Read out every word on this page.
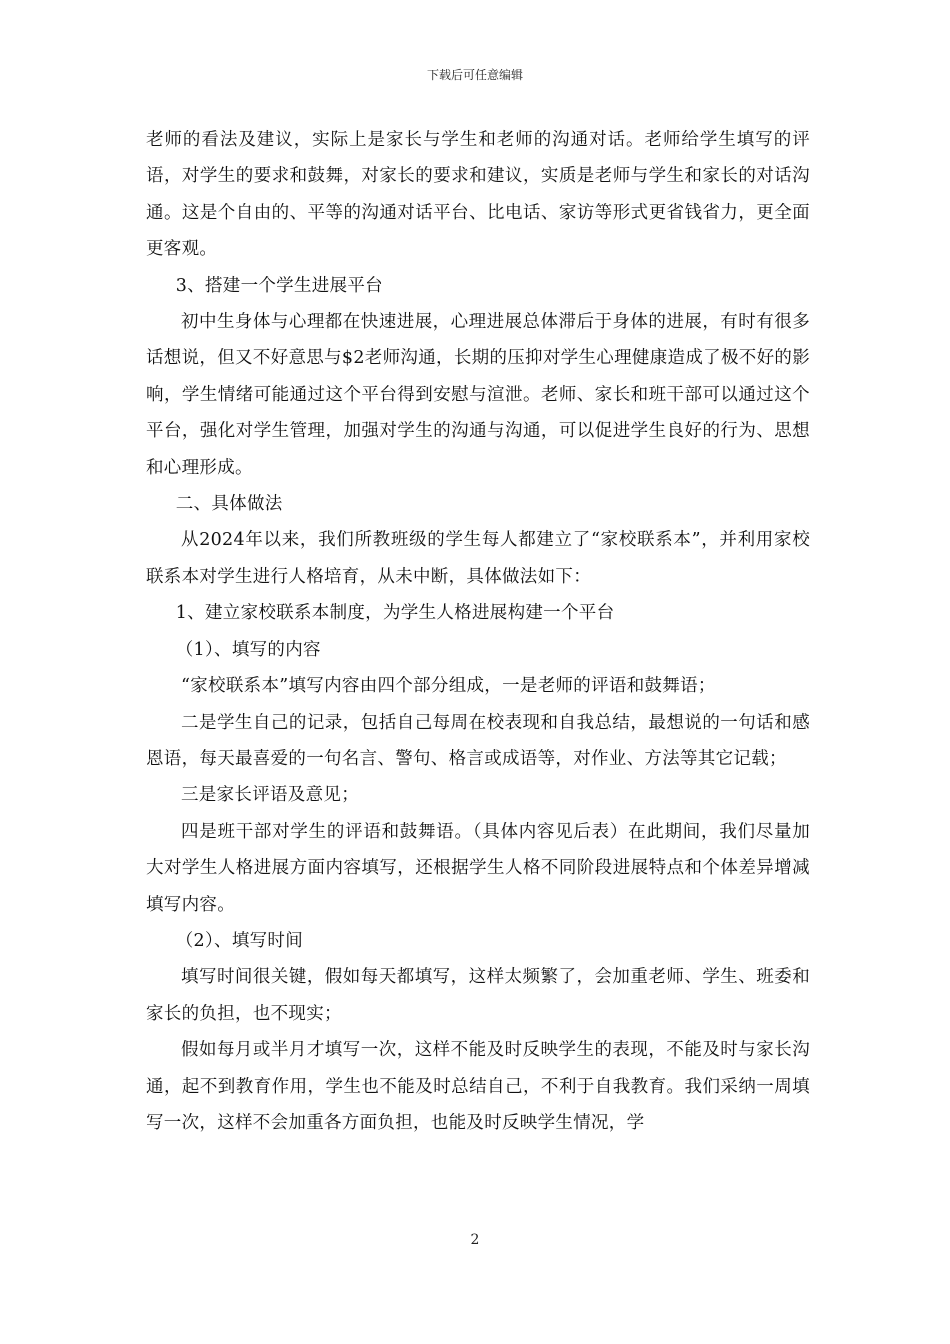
下载后可任意编辑

老师的看法及建议，实际上是家长与学生和老师的沟通对话。老师给学生填写的评语，对学生的要求和鼓舞，对家长的要求和建议，实质是老师与学生和家长的对话沟通。这是个自由的、平等的沟通对话平台、比电话、家访等形式更省钱省力，更全面更客观。

3、搭建一个学生进展平台

初中生身体与心理都在快速进展，心理进展总体滞后于身体的进展，有时有很多话想说，但又不好意思与$2老师沟通，长期的压抑对学生心理健康造成了极不好的影响，学生情绪可能通过这个平台得到安慰与渲泄。老师、家长和班干部可以通过这个平台，强化对学生管理，加强对学生的沟通与沟通，可以促进学生良好的行为、思想和心理形成。

二、具体做法

从2024年以来，我们所教班级的学生每人都建立了“家校联系本”，并利用家校联系本对学生进行人格培育，从未中断，具体做法如下：

1、建立家校联系本制度，为学生人格进展构建一个平台

（1）、填写的内容

“家校联系本”填写内容由四个部分组成，一是老师的评语和鼓舞语；

二是学生自己的记录，包括自己每周在校表现和自我总结，最想说的一句话和感恩语，每天最喜爱的一句名言、警句、格言或成语等，对作业、方法等其它记载；

三是家长评语及意见；

四是班干部对学生的评语和鼓舞语。（具体内容见后表）在此期间，我们尽量加大对学生人格进展方面内容填写，还根据学生人格不同阶段进展特点和个体差异增减填写内容。

（2）、填写时间

填写时间很关键，假如每天都填写，这样太频繁了，会加重老师、学生、班委和家长的负担，也不现实；

假如每月或半月才填写一次，这样不能及时反映学生的表现，不能及时与家长沟通，起不到教育作用，学生也不能及时总结自己，不利于自我教育。我们采纳一周填写一次，这样不会加重各方面负担，也能及时反映学生情况，学

2
